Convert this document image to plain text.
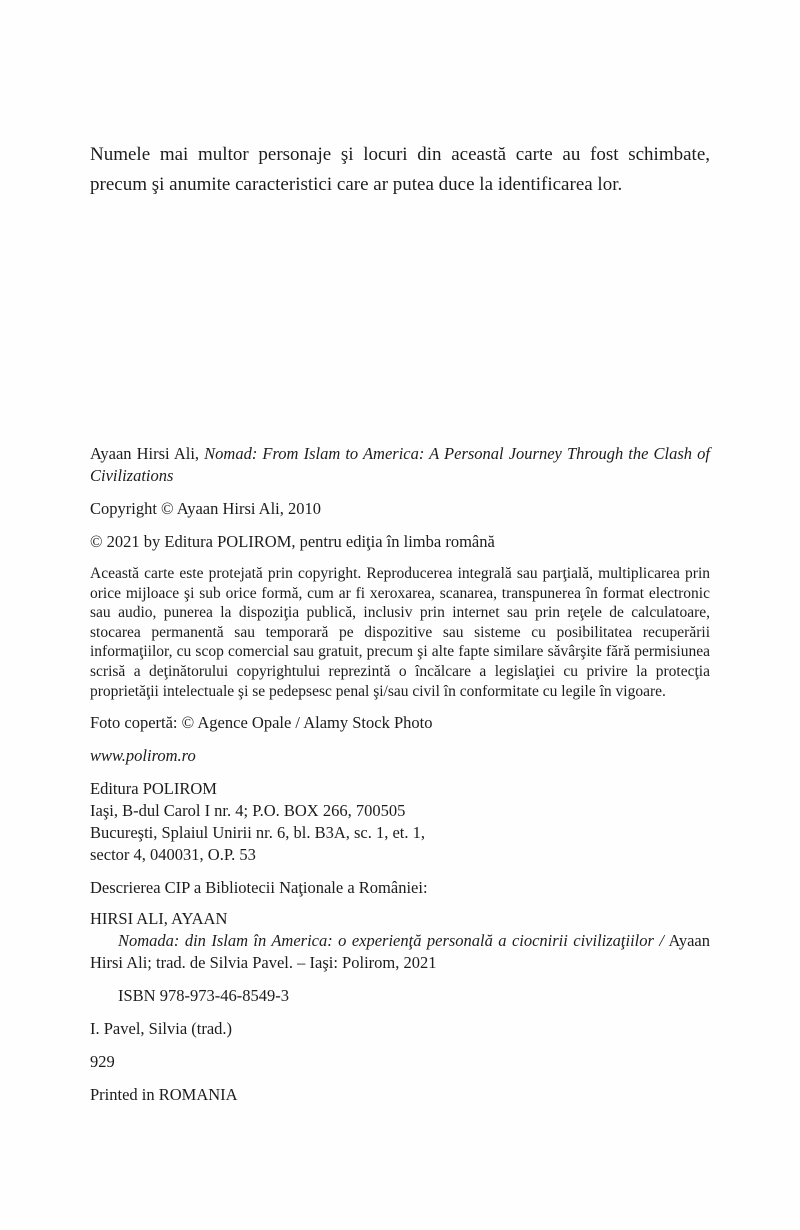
Numele mai multor personaje şi locuri din această carte au fost schimbate, precum şi anumite caracteristici care ar putea duce la identificarea lor.

Ayaan Hirsi Ali, Nomad: From Islam to America: A Personal Journey Through the Clash of Civilizations

Copyright © Ayaan Hirsi Ali, 2010

© 2021 by Editura POLIROM, pentru ediţia în limba română

Această carte este protejată prin copyright. Reproducerea integrală sau parţială, multiplicarea prin orice mijloace şi sub orice formă, cum ar fi xeroxarea, scanarea, transpunerea în format electronic sau audio, punerea la dispoziţia publică, inclusiv prin internet sau prin reţele de calculatoare, stocarea permanentă sau temporară pe dispozitive sau sisteme cu posibilitatea recuperării informaţiilor, cu scop comercial sau gratuit, precum şi alte fapte similare săvârşite fără permisiunea scrisă a deţinătorului copyrightului reprezintă o încălcare a legislaţiei cu privire la protecţia proprietăţii intelectuale şi se pedepsesc penal şi/sau civil în conformitate cu legile în vigoare.

Foto copertă: © Agence Opale / Alamy Stock Photo

www.polirom.ro

Editura POLIROM

Iaşi, B-dul Carol I nr. 4; P.O. BOX 266, 700505

Bucureşti, Splaiul Unirii nr. 6, bl. B3A, sc. 1, et. 1,

sector 4, 040031, O.P. 53

Descrierea CIP a Bibliotecii Naţionale a României:

HIRSI ALI, AYAAN

Nomada: din Islam în America: o experienţă personală a ciocnirii civilizaţiilor / Ayaan Hirsi Ali; trad. de Silvia Pavel. – Iaşi: Polirom, 2021

ISBN 978-973-46-8549-3

I. Pavel, Silvia (trad.)

929

Printed in ROMANIA
